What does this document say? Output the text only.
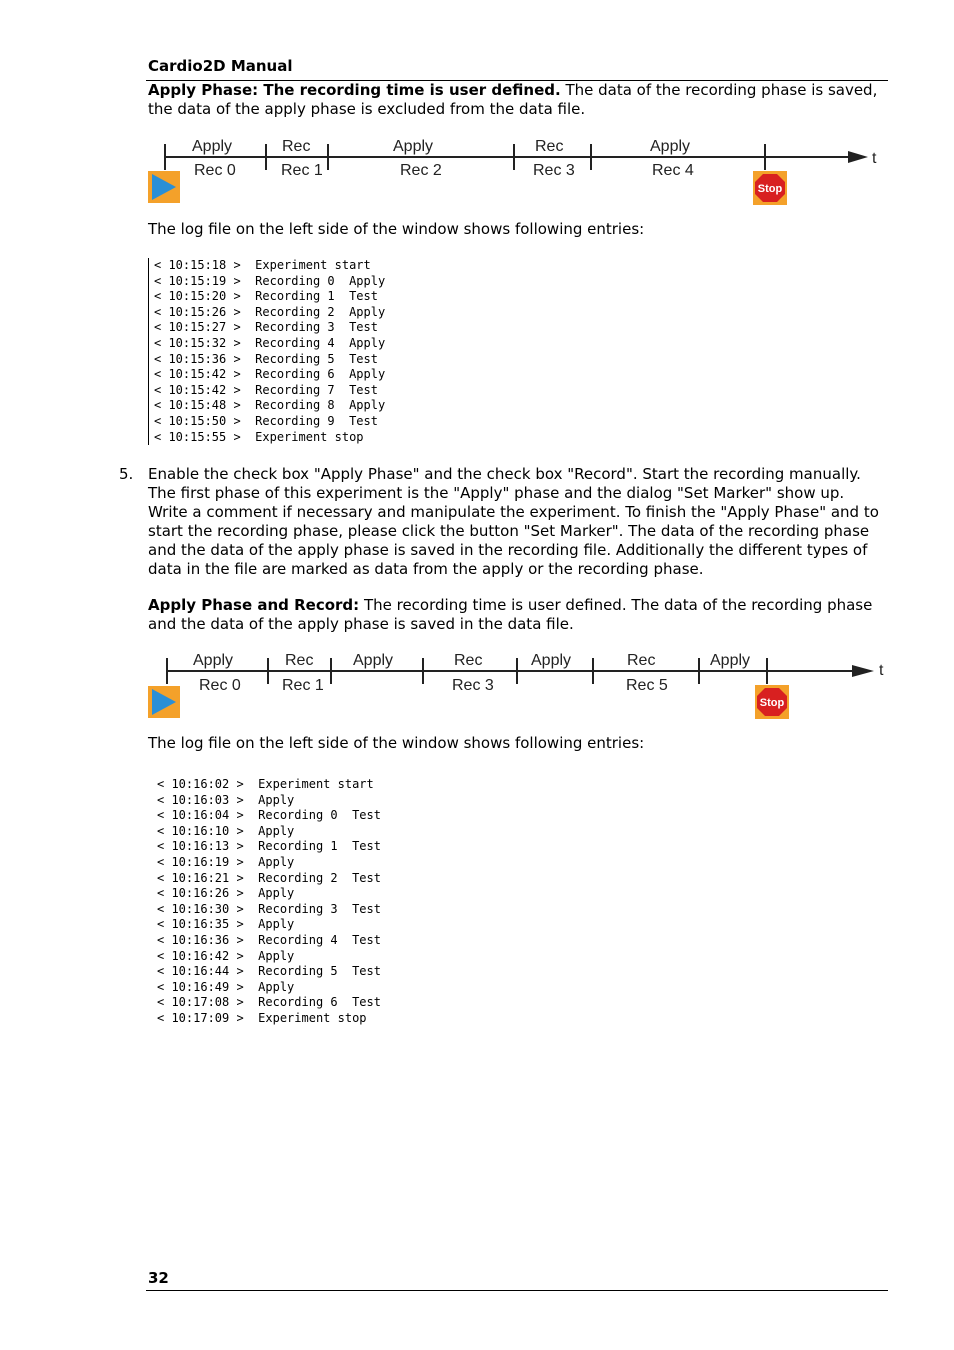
Cardio2D Manual
Apply Phase: The recording time is user defined. The data of the recording phase is saved, the data of the apply phase is excluded from the data file.
Apply	Rec	Apply	Rec	Apply
Rec 0	Rec 1	Rec 2	Rec 3	Rec 4
t
Stop
The log file on the left side of the window shows following entries:
< 10:15:18 >  Experiment start
< 10:15:19 >  Recording 0  Apply
< 10:15:20 >  Recording 1  Test
< 10:15:26 >  Recording 2  Apply
< 10:15:27 >  Recording 3  Test
< 10:15:32 >  Recording 4  Apply
< 10:15:36 >  Recording 5  Test
< 10:15:42 >  Recording 6  Apply
< 10:15:42 >  Recording 7  Test
< 10:15:48 >  Recording 8  Apply
< 10:15:50 >  Recording 9  Test
< 10:15:55 >  Experiment stop
5. Enable the check box "Apply Phase" and the check box "Record". Start the recording manually. The first phase of this experiment is the "Apply" phase and the dialog "Set Marker" show up. Write a comment if necessary and manipulate the experiment. To finish the "Apply Phase" and to start the recording phase, please click the button "Set Marker". The data of the recording phase and the data of the apply phase is saved in the recording file. Additionally the different types of data in the file are marked as data from the apply or the recording phase.
Apply Phase and Record: The recording time is user defined. The data of the recording phase and the data of the apply phase is saved in the data file.
Apply	Rec Apply	Rec	Apply	Rec	Apply
Rec 0	Rec 1	Rec 3	Rec 5
t
Stop
The log file on the left side of the window shows following entries:
< 10:16:02 >  Experiment start
< 10:16:03 >  Apply
< 10:16:04 >  Recording 0  Test
< 10:16:10 >  Apply
< 10:16:13 >  Recording 1  Test
< 10:16:19 >  Apply
< 10:16:21 >  Recording 2  Test
< 10:16:26 >  Apply
< 10:16:30 >  Recording 3  Test
< 10:16:35 >  Apply
< 10:16:36 >  Recording 4  Test
< 10:16:42 >  Apply
< 10:16:44 >  Recording 5  Test
< 10:16:49 >  Apply
< 10:17:08 >  Recording 6  Test
< 10:17:09 >  Experiment stop
32
